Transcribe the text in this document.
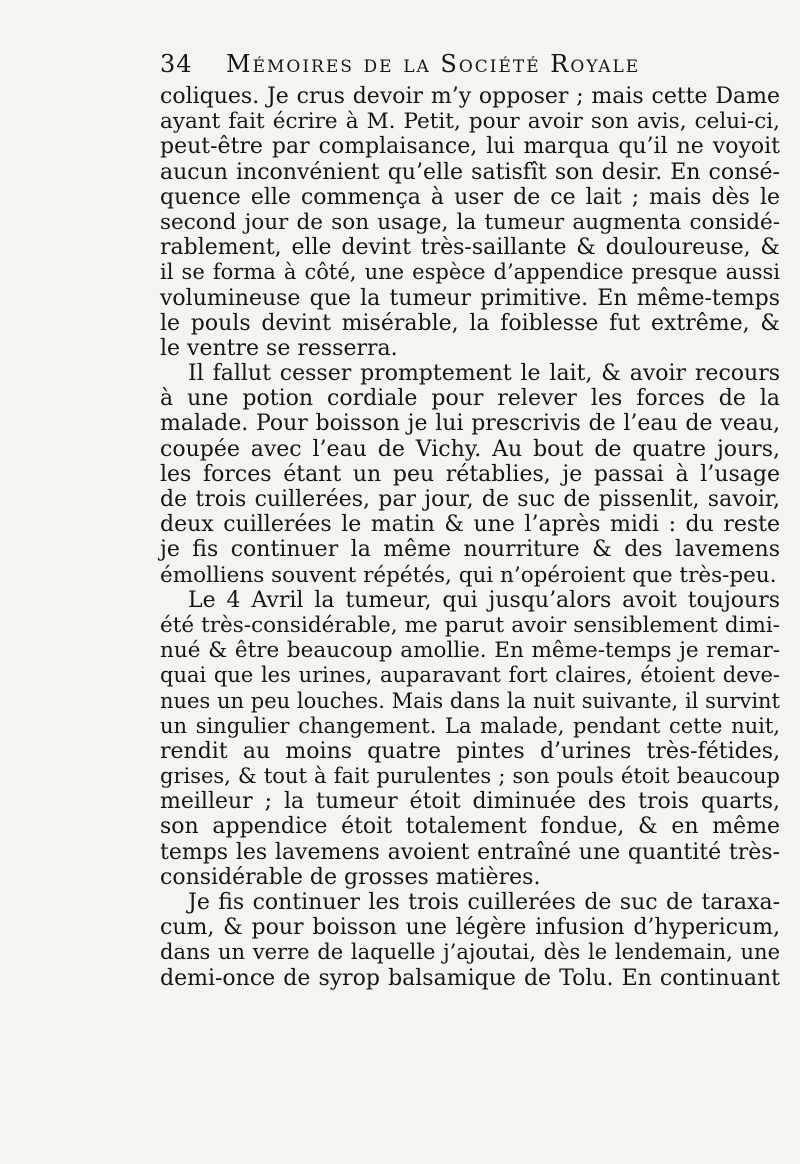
34 Mémoires de la Société Royale
coliques. Je crus devoir m’y opposer ; mais cette Dame
ayant fait écrire à M. Petit, pour avoir son avis, celui-ci,
peut-être par complaisance, lui marqua qu’il ne voyoit
aucun inconvénient qu’elle satisfît son desir. En consé-
quence elle commença à user de ce lait ; mais dès le
second jour de son usage, la tumeur augmenta considé-
rablement, elle devint très-saillante & douloureuse, &
il se forma à côté, une espèce d’appendice presque aussi
volumineuse que la tumeur primitive. En même-temps
le pouls devint misérable, la foiblesse fut extrême, &
le ventre se resserra.
Il fallut cesser promptement le lait, & avoir recours
à une potion cordiale pour relever les forces de la
malade. Pour boisson je lui prescrivis de l’eau de veau,
coupée avec l’eau de Vichy. Au bout de quatre jours,
les forces étant un peu rétablies, je passai à l’usage
de trois cuillerées, par jour, de suc de pissenlit, savoir,
deux cuillerées le matin & une l’après midi : du reste
je fis continuer la même nourriture & des lavemens
émolliens souvent répétés, qui n’opéroient que très-peu.
Le 4 Avril la tumeur, qui jusqu’alors avoit toujours
été très-considérable, me parut avoir sensiblement dimi-
nué & être beaucoup amollie. En même-temps je remar-
quai que les urines, auparavant fort claires, étoient deve-
nues un peu louches. Mais dans la nuit suivante, il survint
un singulier changement. La malade, pendant cette nuit,
rendit au moins quatre pintes d’urines très-fétides,
grises, & tout à fait purulentes ; son pouls étoit beaucoup
meilleur ; la tumeur étoit diminuée des trois quarts,
son appendice étoit totalement fondue, & en même
temps les lavemens avoient entraîné une quantité très-
considérable de grosses matières.
Je fis continuer les trois cuillerées de suc de taraxa-
cum, & pour boisson une légère infusion d’hypericum,
dans un verre de laquelle j’ajoutai, dès le lendemain, une
demi-once de syrop balsamique de Tolu. En continuant
